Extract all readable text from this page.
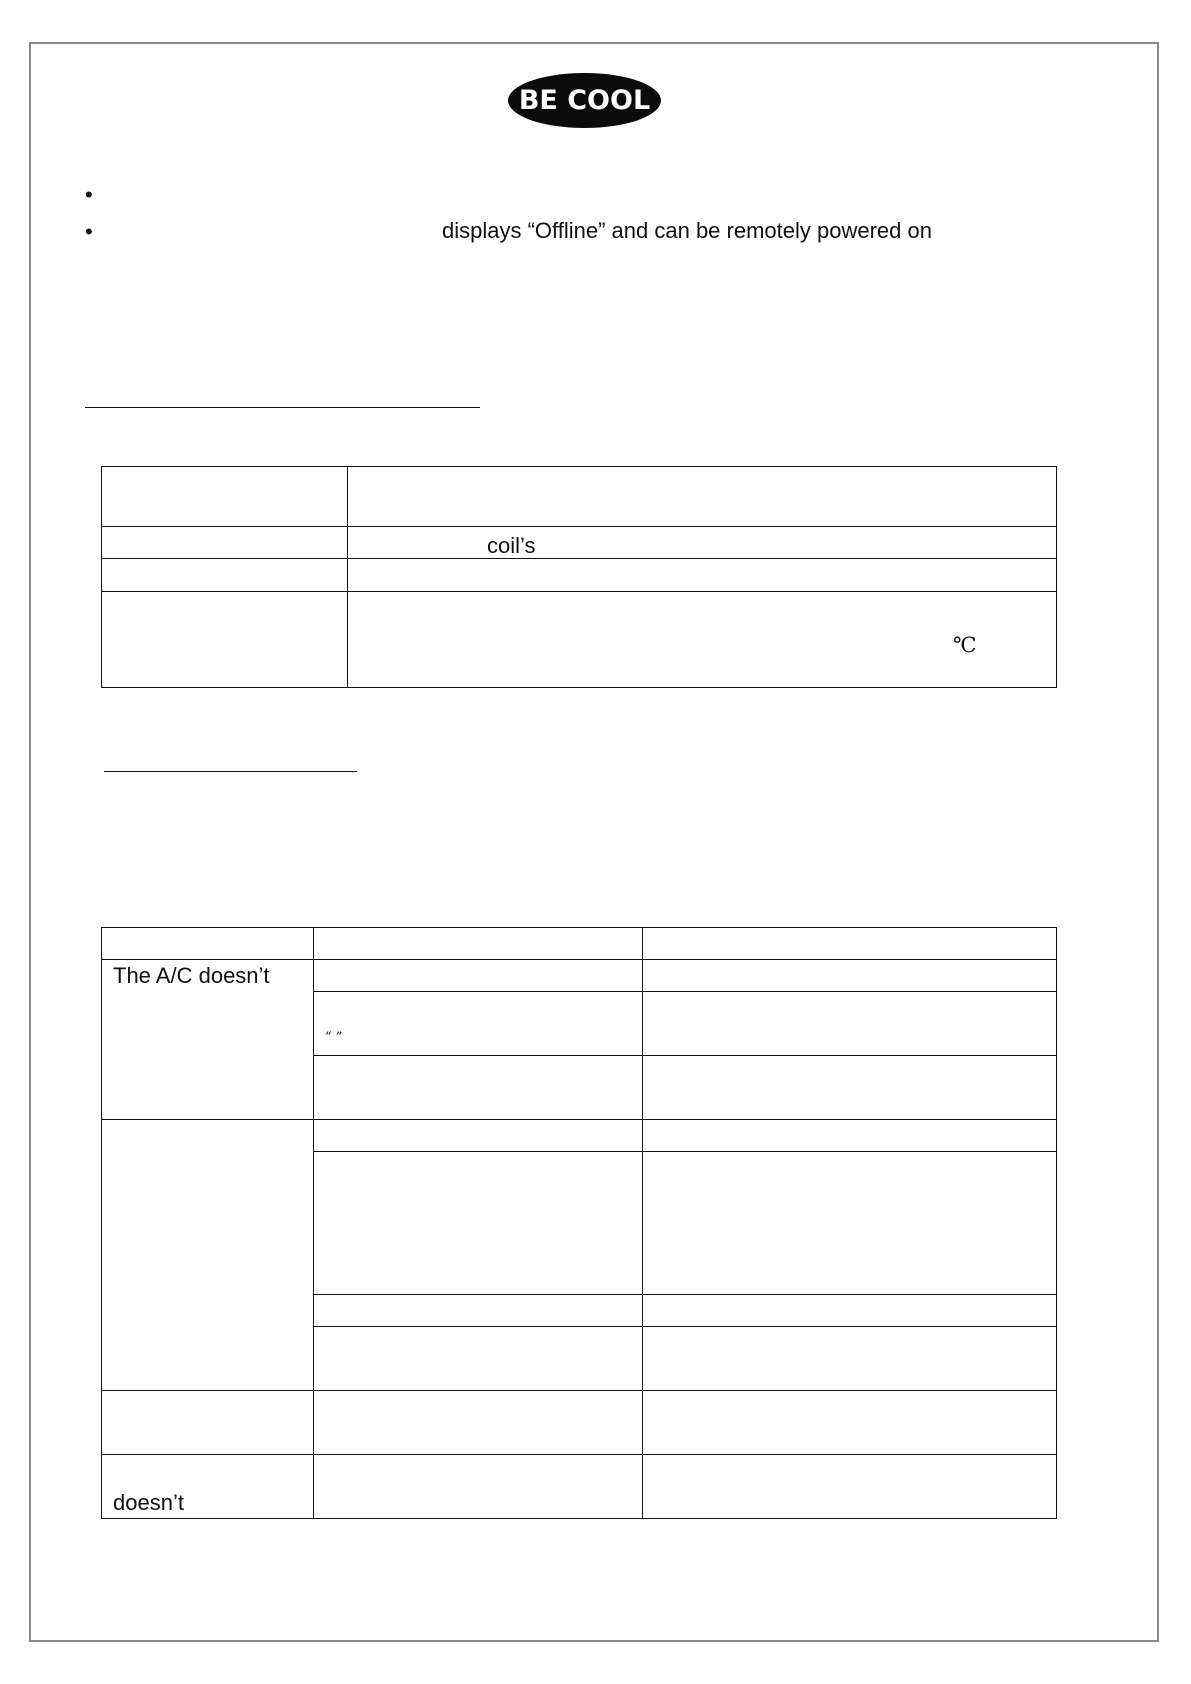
BE COOL
•
•	displays “Offline” and can be remotely powered on

	coil’s

	℃

The A/C doesn’t		

	“ ”	

doesn’t		
